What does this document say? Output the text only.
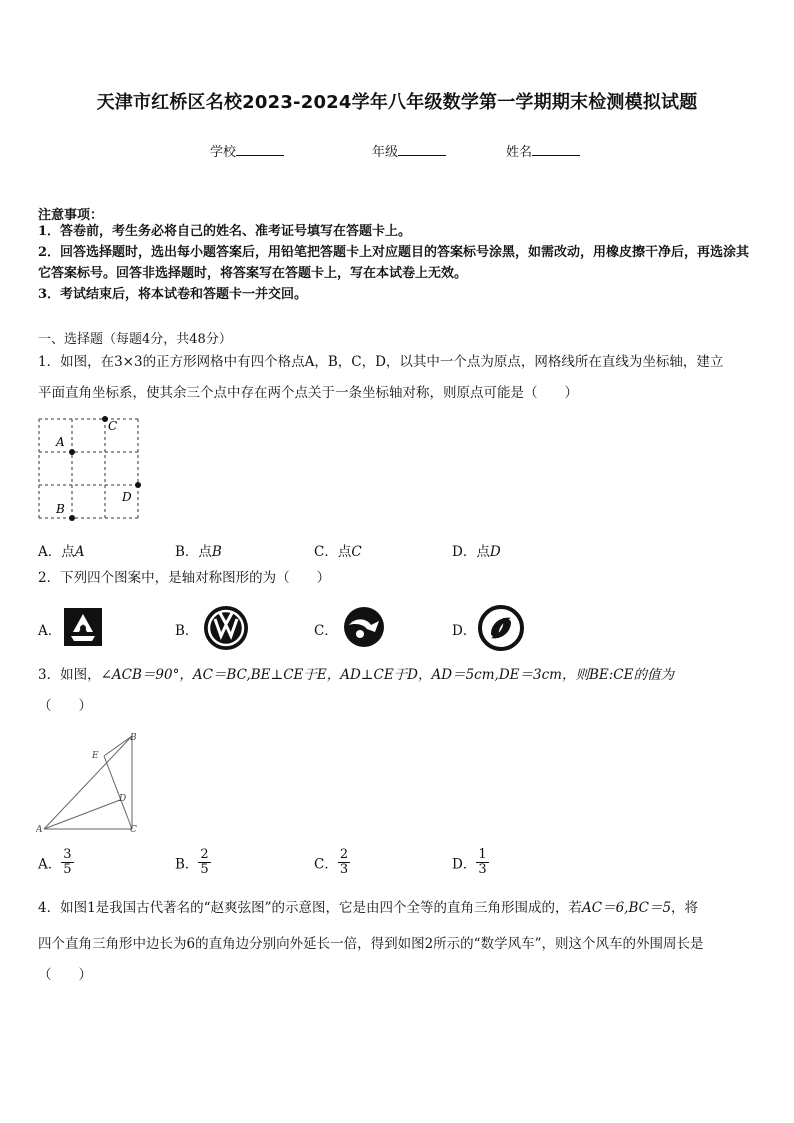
天津市红桥区名校2023-2024学年八年级数学第一学期期末检测模拟试题
学校	年级	姓名
注意事项：
1．答卷前，考生务必将自己的姓名、准考证号填写在答题卡上。
2．回答选择题时，选出每小题答案后，用铅笔把答题卡上对应题目的答案标号涂黑，如需改动，用橡皮擦干净后，再选涂其它答案标号。回答非选择题时，将答案写在答题卡上，写在本试卷上无效。
3．考试结束后，将本试卷和答题卡一并交回。
一、选择题（每题4分，共48分）
1．如图，在3×3的正方形网格中有四个格点A，B，C，D，以其中一个点为原点，网格线所在直线为坐标轴，建立
平面直角坐标系，使其余三个点中存在两个点关于一条坐标轴对称，则原点可能是（　　）
C
A
D
B
A．点A	B．点B	C．点C	D．点D
2．下列四个图案中，是轴对称图形的为（　　）
A．	B．	C．	D．
3．如图，∠ACB＝90°，AC＝BC,BE⊥CE于E，AD⊥CE于D，AD＝5cm,DE＝3cm，则BE:CE的值为
（　　）
A
B
C
D
E
A． $\frac{3}{5}$	B． $\frac{2}{5}$	C． $\frac{2}{3}$	D． $\frac{1}{3}$
4．如图1是我国古代著名的“赵爽弦图”的示意图，它是由四个全等的直角三角形围成的，若AC＝6,BC＝5，将
四个直角三角形中边长为6的直角边分别向外延长一倍，得到如图2所示的“数学风车”，则这个风车的外围周长是
（　　）
